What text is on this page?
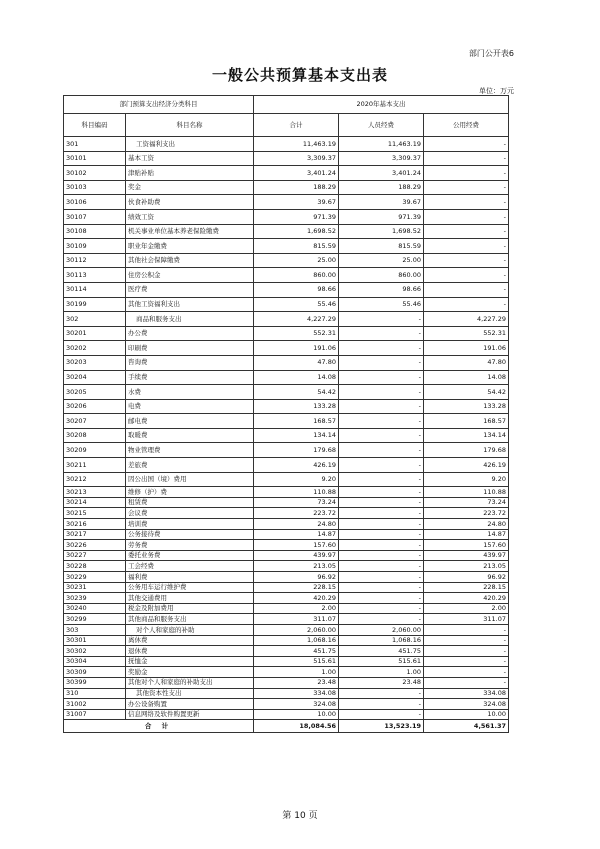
部门公开表6
一般公共预算基本支出表
单位：万元
部门预算支出经济分类科目		2020年基本支出		
科目编码	科目名称	合计	人员经费	公用经费
301	工资福利支出	11,463.19	11,463.19	-
30101	基本工资	3,309.37	3,309.37	-
30102	津贴补贴	3,401.24	3,401.24	-
30103	奖金	188.29	188.29	-
30106	伙食补助费	39.67	39.67	-
30107	绩效工资	971.39	971.39	-
30108	机关事业单位基本养老保险缴费	1,698.52	1,698.52	-
30109	职业年金缴费	815.59	815.59	-
30112	其他社会保障缴费	25.00	25.00	-
30113	住房公积金	860.00	860.00	-
30114	医疗费	98.66	98.66	-
30199	其他工资福利支出	55.46	55.46	-
302	商品和服务支出	4,227.29	-	4,227.29
30201	办公费	552.31	-	552.31
30202	印刷费	191.06	-	191.06
30203	咨询费	47.80	-	47.80
30204	手续费	14.08	-	14.08
30205	水费	54.42	-	54.42
30206	电费	133.28	-	133.28
30207	邮电费	168.57	-	168.57
30208	取暖费	134.14	-	134.14
30209	物业管理费	179.68	-	179.68
30211	差旅费	426.19	-	426.19
30212	因公出国（境）费用	9.20	-	9.20
30213	维修（护）费	110.88	-	110.88
30214	租赁费	73.24	-	73.24
30215	会议费	223.72	-	223.72
30216	培训费	24.80	-	24.80
30217	公务接待费	14.87	-	14.87
30226	劳务费	157.60	-	157.60
30227	委托业务费	439.97	-	439.97
30228	工会经费	213.05	-	213.05
30229	福利费	96.92	-	96.92
30231	公务用车运行维护费	228.15	-	228.15
30239	其他交通费用	420.29	-	420.29
30240	税金及附加费用	2.00	-	2.00
30299	其他商品和服务支出	311.07	-	311.07
303	对个人和家庭的补助	2,060.00	2,060.00	-
30301	离休费	1,068.16	1,068.16	-
30302	退休费	451.75	451.75	-
30304	抚恤金	515.61	515.61	-
30309	奖励金	1.00	1.00	-
30399	其他对个人和家庭的补助支出	23.48	23.48	-
310	其他资本性支出	334.08	-	334.08
31002	办公设备购置	324.08	-	324.08
31007	信息网络及软件购置更新	10.00	-	10.00
合 计		18,084.56	13,523.19	4,561.37
第 10 页
